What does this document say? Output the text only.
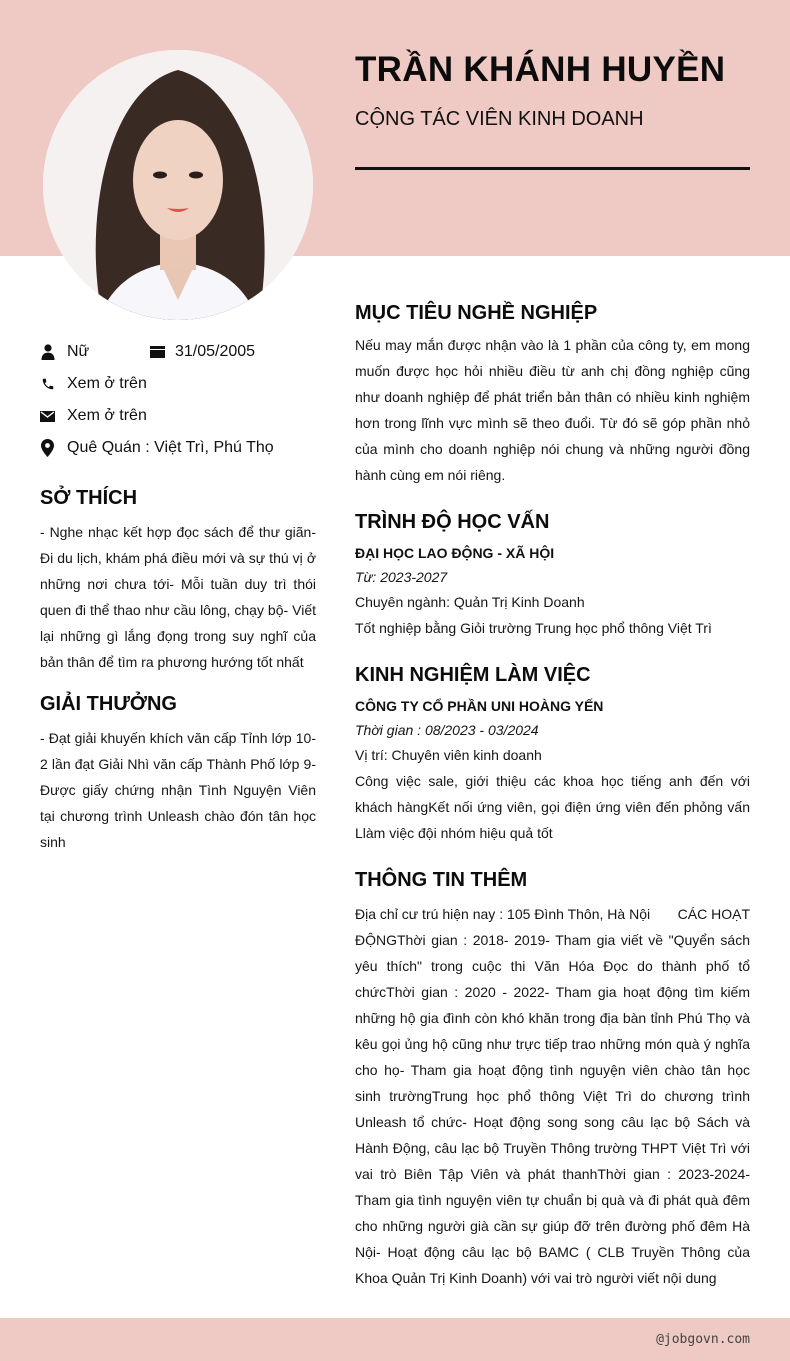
TRẦN KHÁNH HUYỀN
CỘNG TÁC VIÊN KINH DOANH
Nữ	31/05/2005
Xem ở trên
Xem ở trên
Quê Quán : Việt Trì, Phú Thọ
SỞ THÍCH
- Nghe nhạc kết hợp đọc sách để thư giãn- Đi du lịch, khám phá điều mới và sự thú vị ở những nơi chưa tới- Mỗi tuần duy trì thói quen đi thể thao như cầu lông, chạy bộ- Viết lại những gì lắng đọng trong suy nghĩ của bản thân để tìm ra phương hướng tốt nhất
GIẢI THƯỞNG
- Đạt giải khuyến khích văn cấp Tỉnh lớp 10- 2 lần đạt Giải Nhì văn cấp Thành Phố lớp 9- Được giấy chứng nhận Tình Nguyện Viên tại chương trình Unleash chào đón tân học sinh
MỤC TIÊU NGHỀ NGHIỆP
Nếu may mắn được nhận vào là 1 phần của công ty, em mong muốn được học hỏi nhiều điều từ anh chị đồng nghiệp cũng như doanh nghiệp để phát triển bản thân có nhiều kinh nghiệm hơn trong lĩnh vực mình sẽ theo đuổi. Từ đó sẽ góp phần nhỏ của mình cho doanh nghiệp nói chung và những người đồng hành cùng em nói riêng.
TRÌNH ĐỘ HỌC VẤN
ĐẠI HỌC LAO ĐỘNG - XÃ HỘI
Từ: 2023-2027
Chuyên ngành: Quản Trị Kinh Doanh
Tốt nghiệp bằng Giỏi trường Trung học phổ thông Việt Trì
KINH NGHIỆM LÀM VIỆC
CÔNG TY CỔ PHẦN UNI HOÀNG YẾN
Thời gian : 08/2023 - 03/2024
Vị trí: Chuyên viên kinh doanh
Công việc sale, giới thiệu các khoa học tiếng anh đến với khách hàngKết nối ứng viên, gọi điện ứng viên đến phỏng vấn Llàm việc đội nhóm hiệu quả tốt
THÔNG TIN THÊM
Địa chỉ cư trú hiện nay : 105 Đình Thôn, Hà Nội       CÁC HOẠT ĐỘNGThời gian : 2018- 2019- Tham gia viết về "Quyển sách yêu thích" trong cuộc thi Văn Hóa Đọc do thành phố tổ chứcThời gian : 2020 - 2022- Tham gia hoạt động tìm kiếm những hộ gia đình còn khó khăn trong địa bàn tỉnh Phú Thọ và kêu gọi ủng hộ cũng như trực tiếp trao những món quà ý nghĩa cho họ- Tham gia hoạt động tình nguyện viên chào tân học sinh trườngTrung học phổ thông Việt Trì do chương trình Unleash tổ chức- Hoạt động song song câu lạc bộ Sách và Hành Động, câu lạc bộ Truyền Thông trường THPT Việt Trì với vai trò Biên Tập Viên và phát thanhThời gian : 2023-2024- Tham gia tình nguyện viên tự chuẩn bị quà và đi phát quà đêm cho những người già cần sự giúp đỡ trên đường phố đêm Hà Nội- Hoạt động câu lạc bộ BAMC ( CLB Truyền Thông của Khoa Quản Trị Kinh Doanh) với vai trò người viết nội dung
@jobgovn.com
